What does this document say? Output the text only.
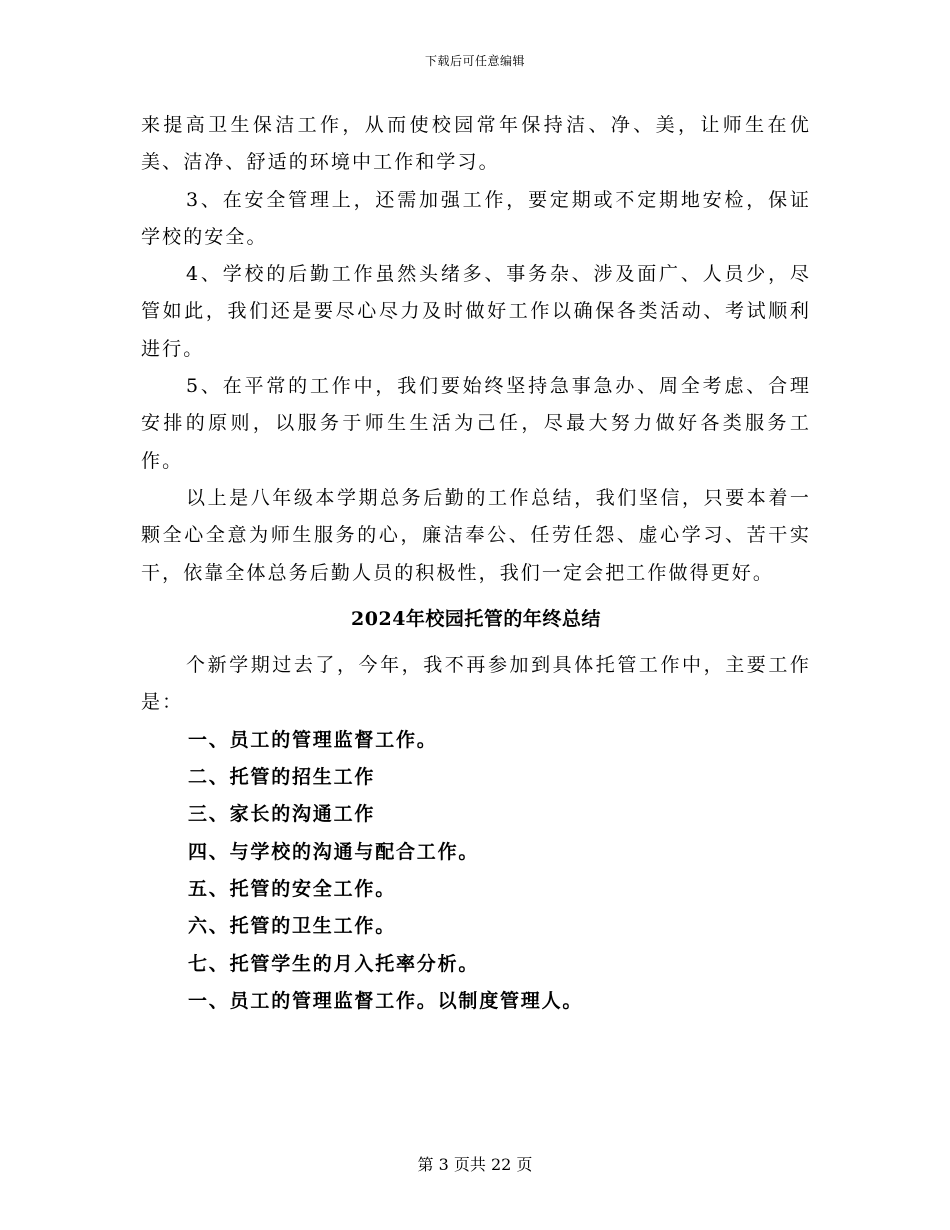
下载后可任意编辑

来提高卫生保洁工作，从而使校园常年保持洁、净、美，让师生在优美、洁净、舒适的环境中工作和学习。

3、在安全管理上，还需加强工作，要定期或不定期地安检，保证学校的安全。

4、学校的后勤工作虽然头绪多、事务杂、涉及面广、人员少，尽管如此，我们还是要尽心尽力及时做好工作以确保各类活动、考试顺利进行。

5、在平常的工作中，我们要始终坚持急事急办、周全考虑、合理安排的原则，以服务于师生生活为己任，尽最大努力做好各类服务工作。

以上是八年级本学期总务后勤的工作总结，我们坚信，只要本着一颗全心全意为师生服务的心，廉洁奉公、任劳任怨、虚心学习、苦干实干，依靠全体总务后勤人员的积极性，我们一定会把工作做得更好。

2024年校园托管的年终总结

个新学期过去了，今年，我不再参加到具体托管工作中，主要工作是：

一、员工的管理监督工作。

二、托管的招生工作

三、家长的沟通工作

四、与学校的沟通与配合工作。

五、托管的安全工作。

六、托管的卫生工作。

七、托管学生的月入托率分析。

一、员工的管理监督工作。以制度管理人。

第 3 页共 22 页
